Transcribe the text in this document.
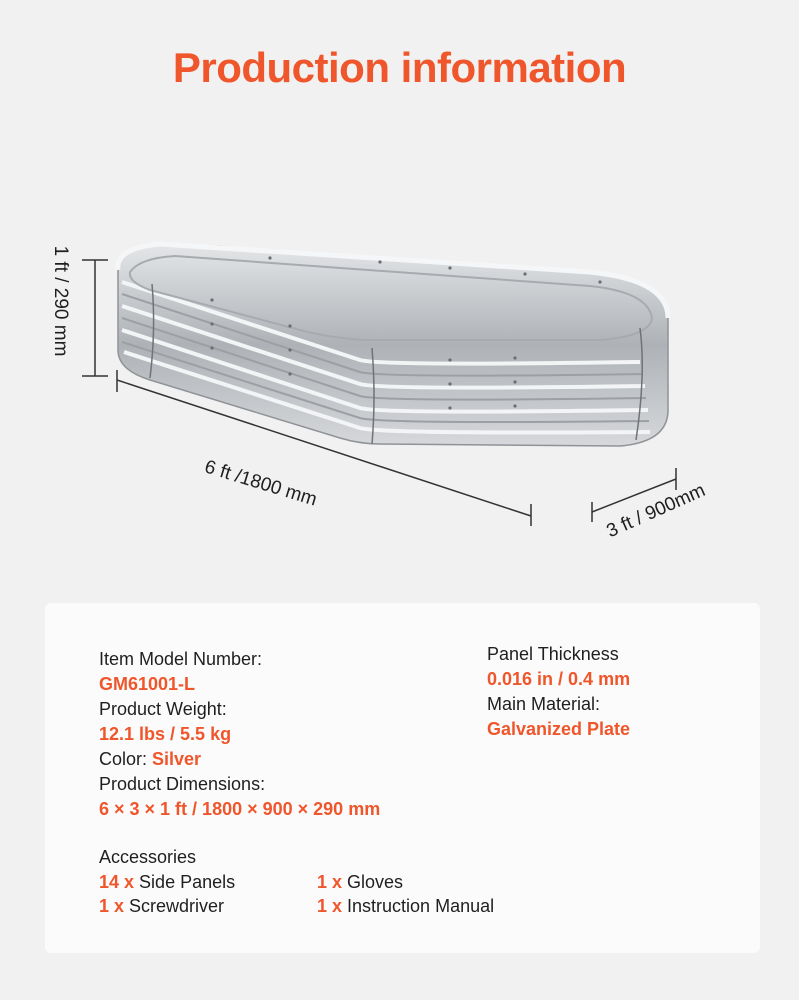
Production information
1 ft / 290 mm
6 ft /1800 mm	3 ft / 900mm
Item Model Number:
GM61001-L
Product Weight:
12.1 lbs / 5.5 kg
Color: Silver
Product Dimensions:
6 × 3 × 1 ft / 1800 × 900 × 290 mm
Panel Thickness
0.016 in / 0.4 mm
Main Material:
Galvanized Plate
Accessories
14 x Side Panels	1 x Gloves
1 x Screwdriver	1 x Instruction Manual
